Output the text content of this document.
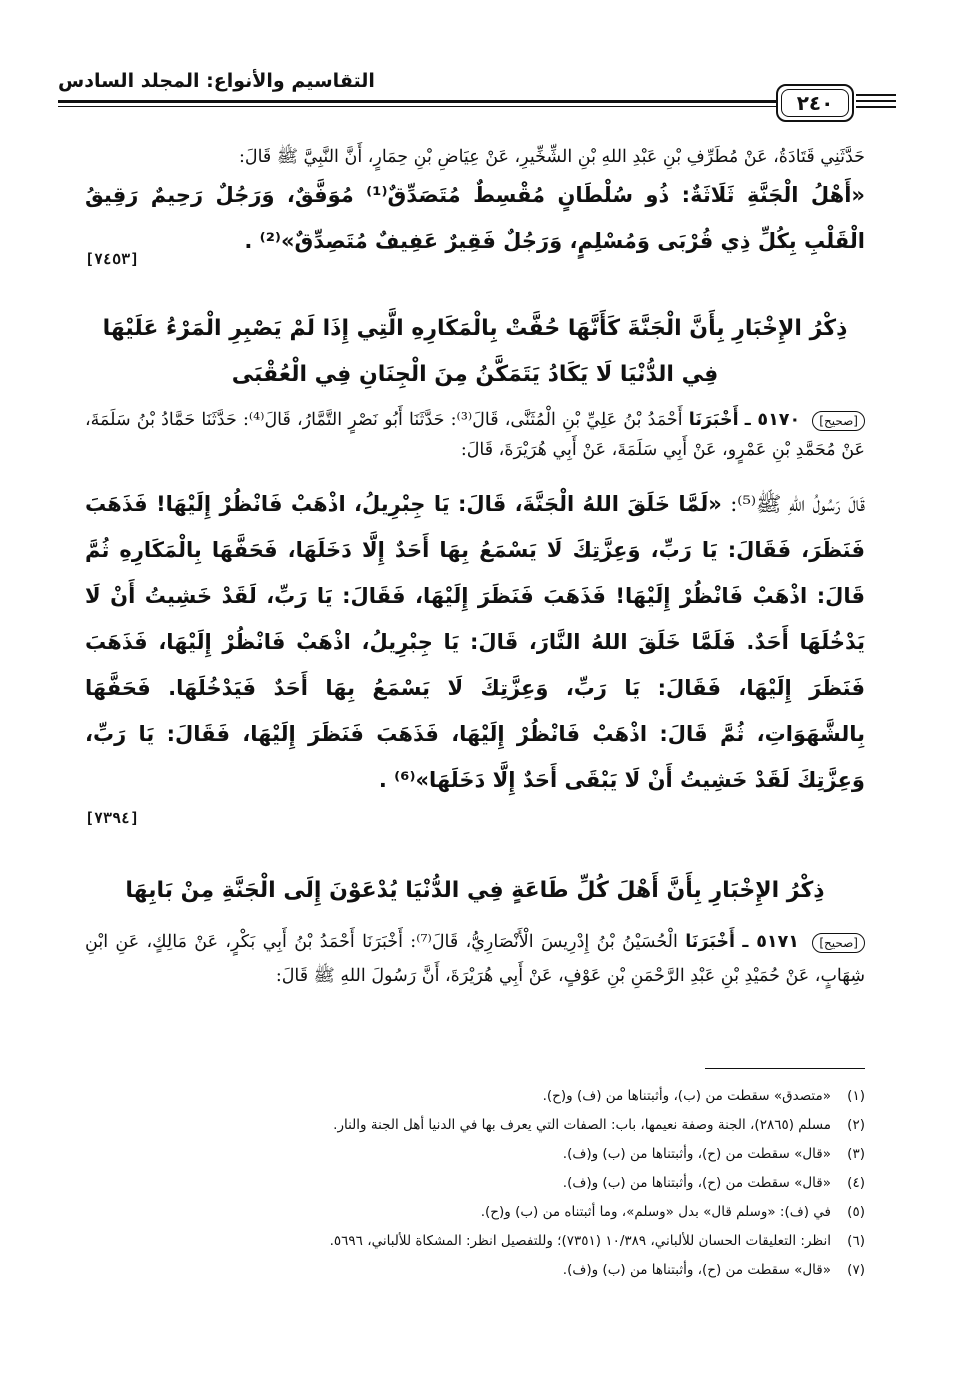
التقاسيم والأنواع: المجلد السادس
٢٤٠
حَدَّثَنِي قَتَادَةُ، عَنْ مُطَرِّفِ بْنِ عَبْدِ اللهِ بْنِ الشِّخِّيرِ، عَنْ عِيَاضِ بْنِ حِمَارٍ، أَنَّ النَّبِيَّ ﷺ قَالَ:
«أَهْلُ الْجَنَّةِ ثَلَاثَةٌ: ذُو سُلْطَانٍ مُقْسِطٌ مُتَصَدِّقٌ⁽¹⁾ مُوَفَّقٌ، وَرَجُلٌ رَحِيمٌ رَقِيقُ الْقَلْبِ بِكُلِّ ذِي قُرْبَى وَمُسْلِمٍ، وَرَجُلٌ فَقِيرٌ عَفِيفٌ مُتَصِدِّقٌ»⁽²⁾ .
[٧٤٥٣]
ذِكْرُ الإِخْبَارِ بِأَنَّ الْجَنَّةَ كَأَنَّهَا حُفَّتْ بِالْمَكَارِهِ الَّتِي إِذَا لَمْ يَصْبِرِ الْمَرْءُ عَلَيْهَا فِي الدُّنْيَا لَا يَكَادُ يَتَمَكَّنُ مِنَ الْجِنَانِ فِي الْعُقْبَى
[صحيح] ٥١٧٠ ـ أَخْبَرَنَا أَحْمَدُ بْنُ عَلِيِّ بْنِ الْمُثَنَّى، قَالَ⁽³⁾: حَدَّثَنَا أَبُو نَصْرٍ التَّمَّارُ، قَالَ⁽⁴⁾: حَدَّثَنَا حَمَّادُ بْنُ سَلَمَةَ، عَنْ مُحَمَّدِ بْنِ عَمْرٍو، عَنْ أَبِي سَلَمَةَ، عَنْ أَبِي هُرَيْرَةَ، قَالَ:
قَالَ رَسُولُ اللهِ ﷺ⁽⁵⁾: «لَمَّا خَلَقَ اللهُ الْجَنَّةَ، قَالَ: يَا جِبْرِيلُ، اذْهَبْ فَانْظُرْ إِلَيْهَا! فَذَهَبَ فَنَظَرَ، فَقَالَ: يَا رَبِّ، وَعِزَّتِكَ لَا يَسْمَعُ بِهَا أَحَدٌ إِلَّا دَخَلَهَا، فَحَفَّهَا بِالْمَكَارِهِ ثُمَّ قَالَ: اذْهَبْ فَانْظُرْ إِلَيْهَا! فَذَهَبَ فَنَظَرَ إِلَيْهَا، فَقَالَ: يَا رَبِّ، لَقَدْ خَشِيتُ أَنْ لَا يَدْخُلَهَا أَحَدٌ. فَلَمَّا خَلَقَ اللهُ النَّارَ، قَالَ: يَا جِبْرِيلُ، اذْهَبْ فَانْظُرْ إِلَيْهَا، فَذَهَبَ فَنَظَرَ إِلَيْهَا، فَقَالَ: يَا رَبِّ، وَعِزَّتِكَ لَا يَسْمَعُ بِهَا أَحَدٌ فَيَدْخُلَهَا. فَحَفَّهَا بِالشَّهَوَاتِ، ثُمَّ قَالَ: اذْهَبْ فَانْظُرْ إِلَيْهَا، فَذَهَبَ فَنَظَرَ إِلَيْهَا، فَقَالَ: يَا رَبِّ، وَعِزَّتِكَ لَقَدْ خَشِيتُ أَنْ لَا يَبْقَى أَحَدٌ إِلَّا دَخَلَهَا»⁽⁶⁾ .
[٧٣٩٤]
ذِكْرُ الإِخْبَارِ بِأَنَّ أَهْلَ كُلِّ طَاعَةٍ فِي الدُّنْيَا يُدْعَوْنَ إِلَى الْجَنَّةِ مِنْ بَابِهَا
[صحيح] ٥١٧١ ـ أَخْبَرَنَا الْحُسَيْنُ بْنُ إِدْرِيسَ الْأَنْصَارِيُّ، قَالَ⁽⁷⁾: أَخْبَرَنَا أَحْمَدُ بْنُ أَبِي بَكْرٍ، عَنْ مَالِكٍ، عَنِ ابْنِ شِهَابٍ، عَنْ حُمَيْدِ بْنِ عَبْدِ الرَّحْمَنِ بْنِ عَوْفٍ، عَنْ أَبِي هُرَيْرَةَ، أَنَّ رَسُولَ اللهِ ﷺ قَالَ:
(١)«متصدق» سقطت من (ب)، وأثبتناها من (ف) و(ح).
(٢)مسلم (٢٨٦٥)، الجنة وصفة نعيمها، باب: الصفات التي يعرف بها في الدنيا أهل الجنة والنار.
(٣)«قال» سقطت من (ح)، وأثبتناها من (ب) و(ف).
(٤)«قال» سقطت من (ح)، وأثبتناها من (ب) و(ف).
(٥)في (ف): «وسلم قال» بدل «وسلم»، وما أثبتناه من (ب) و(ح).
(٦)انظر: التعليقات الحسان للألباني، ١٠/٣٨٩ (٧٣٥١)؛ وللتفصيل انظر: المشكاة للألباني، ٥٦٩٦.
(٧)«قال» سقطت من (ح)، وأثبتناها من (ب) و(ف).
